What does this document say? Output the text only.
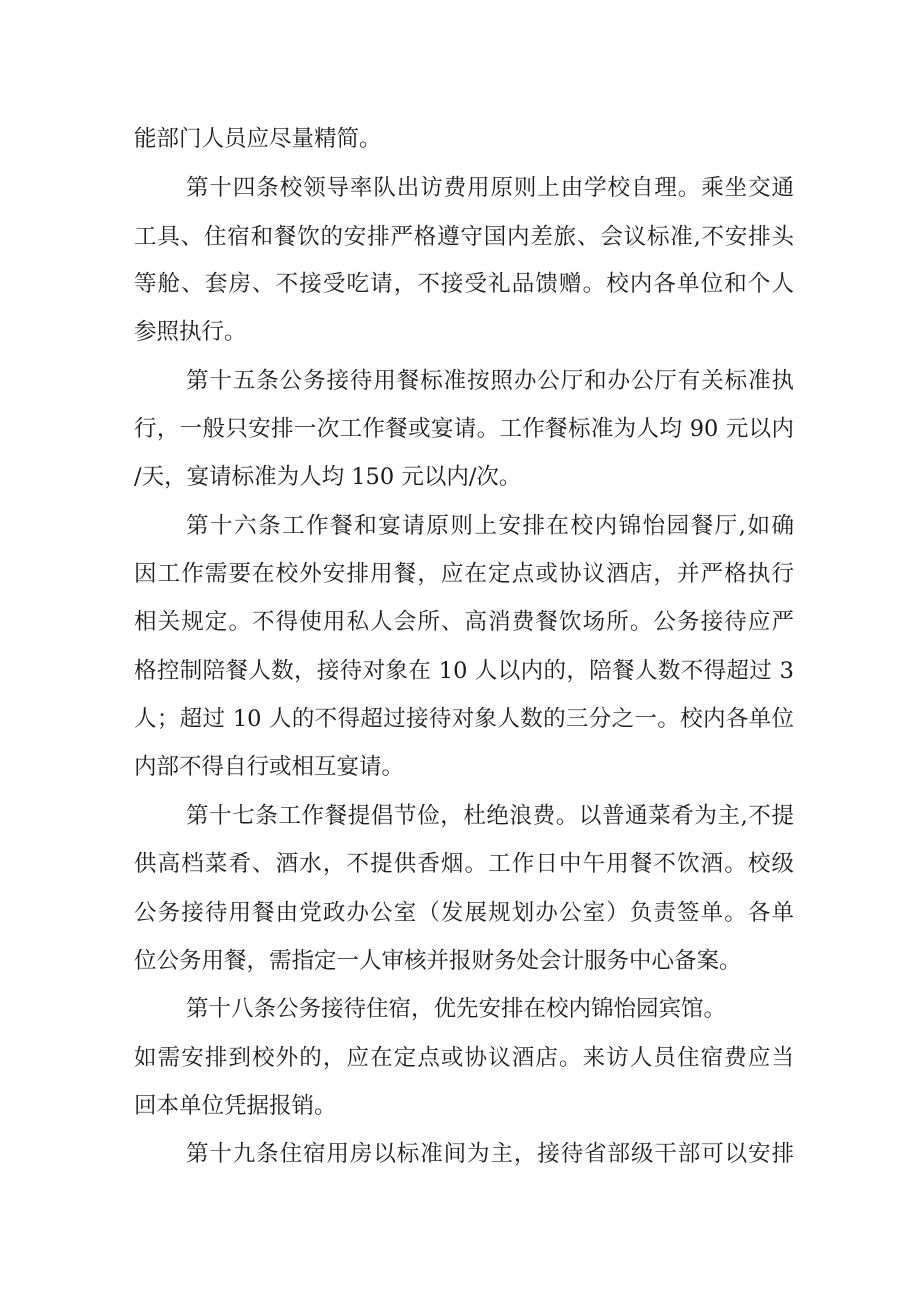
能部门人员应尽量精简。
第十四条校领导率队出访费用原则上由学校自理。乘坐交通
工具、住宿和餐饮的安排严格遵守国内差旅、会议标准,不安排头
等舱、套房、不接受吃请，不接受礼品馈赠。校内各单位和个人
参照执行。
第十五条公务接待用餐标准按照办公厅和办公厅有关标准执
行，一般只安排一次工作餐或宴请。工作餐标准为人均 90 元以内
/天，宴请标准为人均 150 元以内/次。
第十六条工作餐和宴请原则上安排在校内锦怡园餐厅,如确
因工作需要在校外安排用餐，应在定点或协议酒店，并严格执行
相关规定。不得使用私人会所、高消费餐饮场所。公务接待应严
格控制陪餐人数，接待对象在 10 人以内的，陪餐人数不得超过 3
人；超过 10 人的不得超过接待对象人数的三分之一。校内各单位
内部不得自行或相互宴请。
第十七条工作餐提倡节俭，杜绝浪费。以普通菜肴为主,不提
供高档菜肴、酒水，不提供香烟。工作日中午用餐不饮酒。校级
公务接待用餐由党政办公室（发展规划办公室）负责签单。各单
位公务用餐，需指定一人审核并报财务处会计服务中心备案。
第十八条公务接待住宿，优先安排在校内锦怡园宾馆。
如需安排到校外的，应在定点或协议酒店。来访人员住宿费应当
回本单位凭据报销。
第十九条住宿用房以标准间为主，接待省部级干部可以安排
